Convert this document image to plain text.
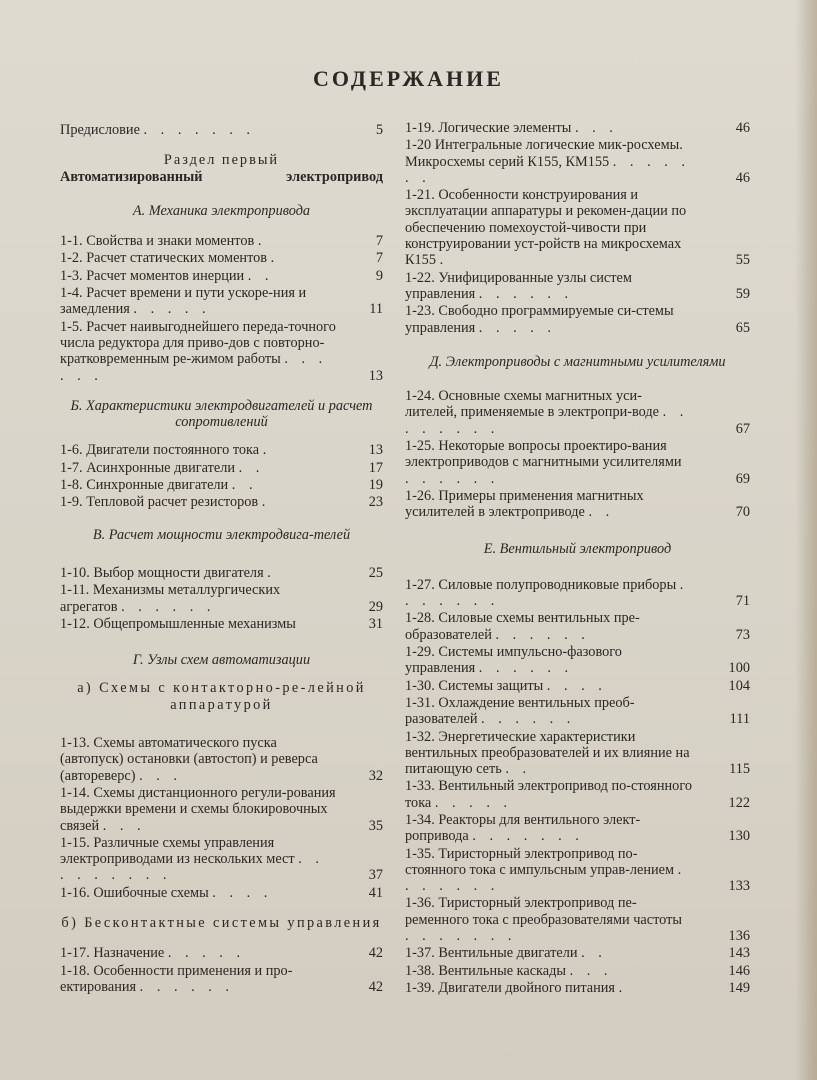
СОДЕРЖАНИЕ
Предисловие . . . . . . .	5
Раздел первый
Автоматизированный электропривод
А. Механика электропривода
1-1. Свойства и знаки моментов .	7
1-2. Расчет статических моментов .	7
1-3. Расчет моментов инерции . .	9
1-4. Расчет времени и пути ускоре-ния и замедления . . . . .	11
1-5. Расчет наивыгоднейшего переда-точного числа редуктора для приво-дов с повторно-кратковременным ре-жимом работы . . . . . .	13
Б. Характеристики электродвигателей и расчет сопротивлений
1-6. Двигатели постоянного тока .	13
1-7. Асинхронные двигатели . .	17
1-8. Синхронные двигатели . .	19
1-9. Тепловой расчет резисторов .	23
В. Расчет мощности электродвига-телей
1-10. Выбор мощности двигателя .	25
1-11. Механизмы металлургических агрегатов . . . . . .	29
1-12. Общепромышленные механизмы	31
Г. Узлы схем автоматизации
а) Схемы с контакторно-ре-лейной аппаратурой
1-13. Схемы автоматического пуска (автопуск) остановки (автостоп) и реверса (автореверс) . . .	32
1-14. Схемы дистанционного регули-рования выдержки времени и схемы блокировочных связей . . .	35
1-15. Различные схемы управления электроприводами из нескольких мест . . . . . . . . .	37
1-16. Ошибочные схемы . . . .	41
б) Бесконтактные системы управления
1-17. Назначение . . . . .	42
1-18. Особенности применения и про-ектирования . . . . . .	42
1-19. Логические элементы . . .	46
1-20 Интегральные логические мик-росхемы. Микросхемы серий К155, КМ155 . . . . . . .	46
1-21. Особенности конструирования и эксплуатации аппаратуры и рекомен-дации по обеспечению помехоустой-чивости при конструировании уст-ройств на микросхемах К155 .	55
1-22. Унифицированные узлы систем управления . . . . . .	59
1-23. Свободно программируемые си-стемы управления . . . . .	65
Д. Электроприводы с магнитными усилителями
1-24. Основные схемы магнитных уси-лителей, применяемые в электропри-воде . . . . . . . .	67
1-25. Некоторые вопросы проектиро-вания электроприводов с магнитными усилителями . . . . . .	69
1-26. Примеры применения магнитных усилителей в электроприводе . .	70
Е. Вентильный электропривод
1-27. Силовые полупроводниковые приборы . . . . . . .	71
1-28. Силовые схемы вентильных пре-образователей . . . . . .	73
1-29. Системы импульсно-фазового управления . . . . . .	100
1-30. Системы защиты . . . .	104
1-31. Охлаждение вентильных преоб-разователей . . . . . .	111
1-32. Энергетические характеристики вентильных преобразователей и их влияние на питающую сеть . .	115
1-33. Вентильный электропривод по-стоянного тока . . . . .	122
1-34. Реакторы для вентильного элект-ропривода . . . . . . .	130
1-35. Тиристорный электропривод по-стоянного тока с импульсным управ-лением . . . . . . .	133
1-36. Тиристорный электропривод пе-ременного тока с преобразователями частоты . . . . . . .	136
1-37. Вентильные двигатели . .	143
1-38. Вентильные каскады . . .	146
1-39. Двигатели двойного питания .	149
